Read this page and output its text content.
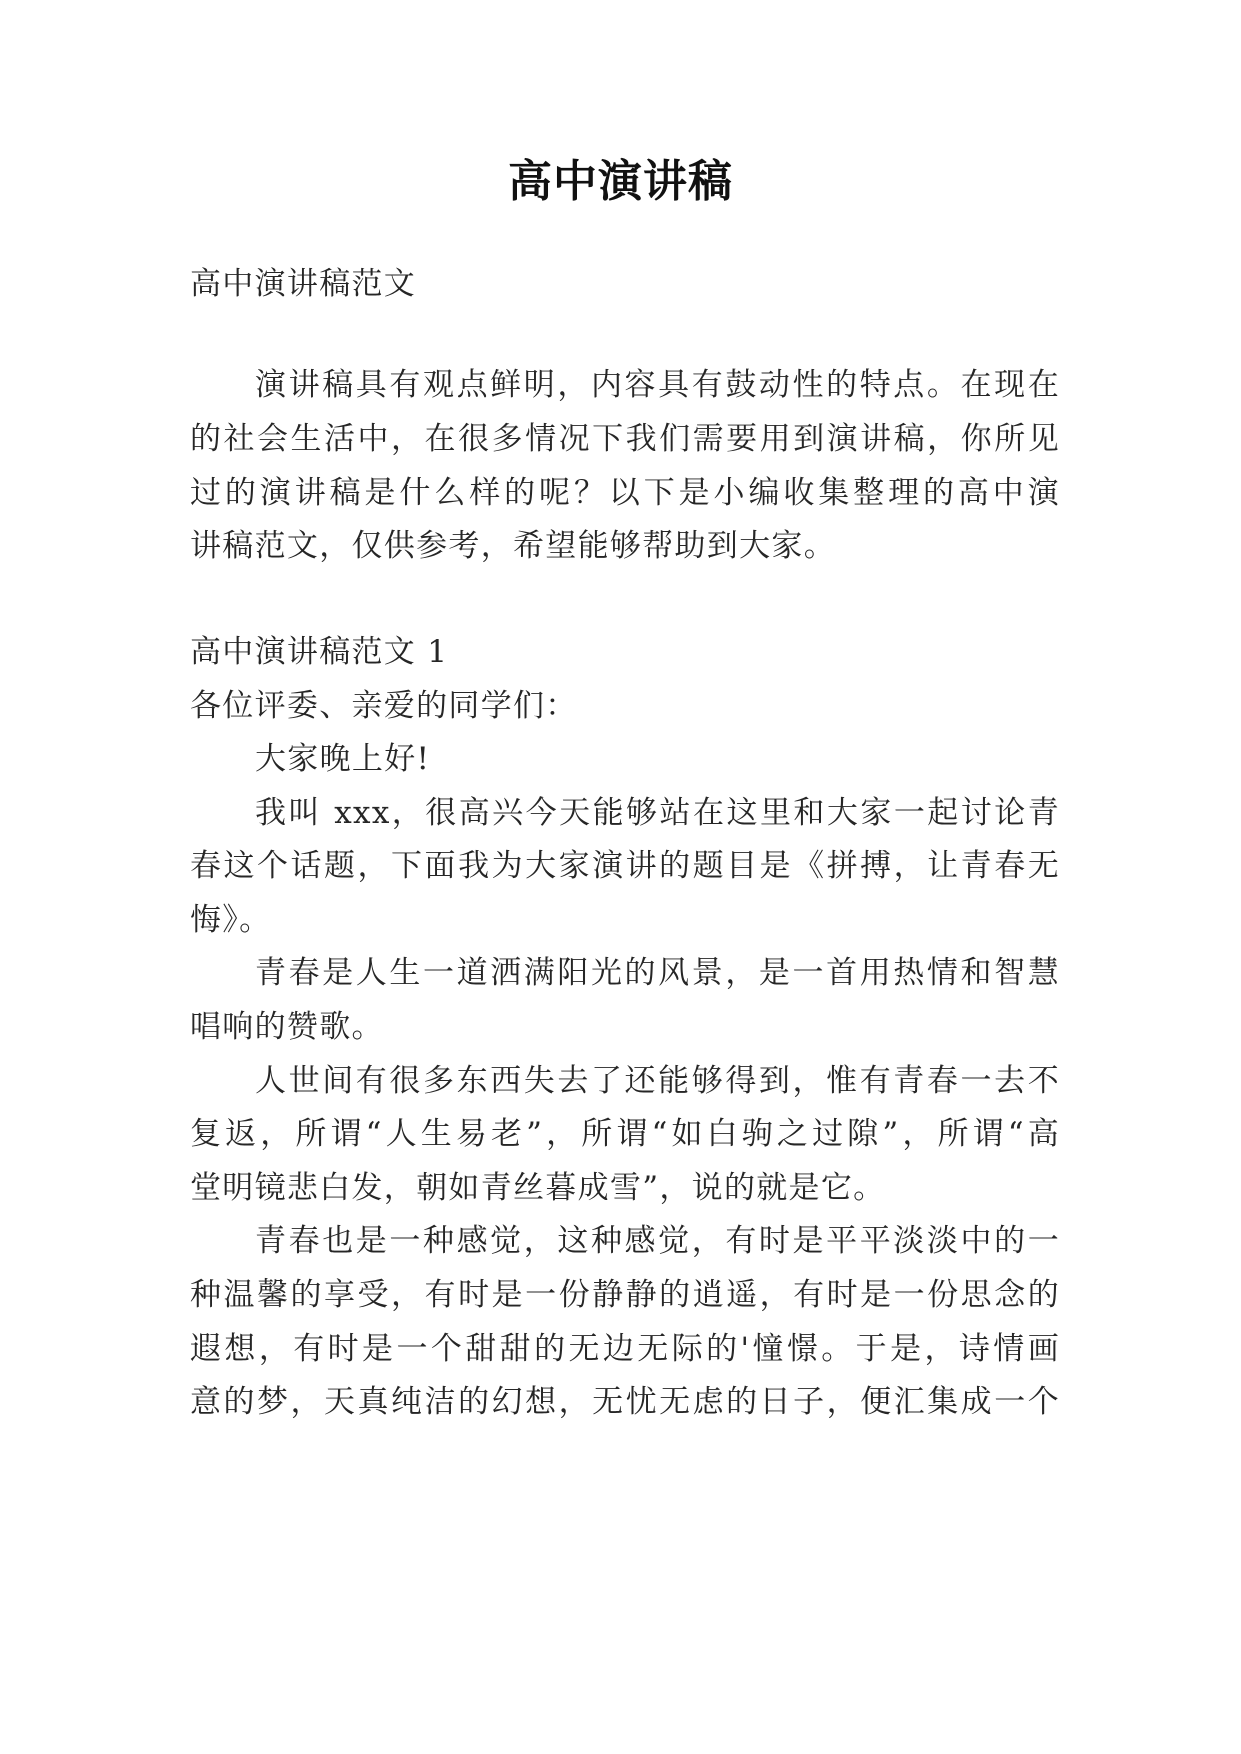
高中演讲稿
高中演讲稿范文
演讲稿具有观点鲜明，内容具有鼓动性的特点。在现在
的社会生活中，在很多情况下我们需要用到演讲稿，你所见
过的演讲稿是什么样的呢？以下是小编收集整理的高中演
讲稿范文，仅供参考，希望能够帮助到大家。
高中演讲稿范文 1
各位评委、亲爱的同学们：
大家晚上好!
我叫 xxx，很高兴今天能够站在这里和大家一起讨论青
春这个话题，下面我为大家演讲的题目是《拼搏，让青春无
悔》。
青春是人生一道洒满阳光的风景，是一首用热情和智慧
唱响的赞歌。
人世间有很多东西失去了还能够得到，惟有青春一去不
复返，所谓“人生易老”，所谓“如白驹之过隙”，所谓“高
堂明镜悲白发，朝如青丝暮成雪”，说的就是它。
青春也是一种感觉，这种感觉，有时是平平淡淡中的一
种温馨的享受，有时是一份静静的逍遥，有时是一份思念的
遐想，有时是一个甜甜的无边无际的'憧憬。于是，诗情画
意的梦，天真纯洁的幻想，无忧无虑的日子，便汇集成一个
